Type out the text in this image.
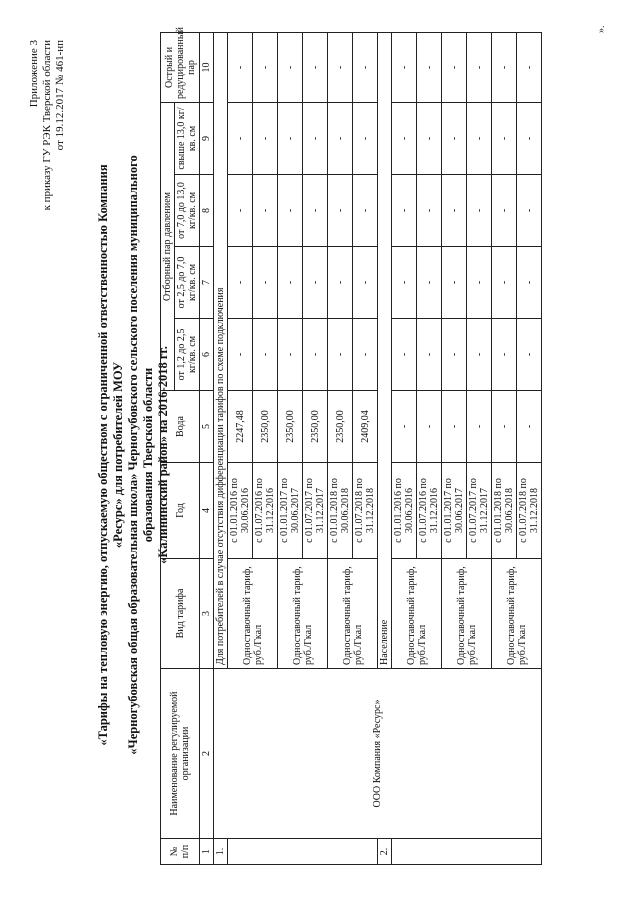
Приложение 3 к приказу ГУ РЭК Тверской области от 19.12.2017 № 461-нп
«Тарифы на тепловую энергию, отпускаемую обществом с ограниченной ответственностью Компания «Ресурс» для потребителей МОУ «Черногубовская общая образовательная школа» Черногубовского сельского поселения муниципального образования Тверской области «Калининский район» на 2016-2018 гг.
№ п/п	Наименование регулируемой организации	Вид тарифа	Год	Вода	Отборный пар давлением				Острый и редуцированный пар
					от 1,2 до 2,5 кг/кв. см	от 2,5 до 7,0 кг/кв. см	от 7,0 до 13,0 кг/кв. см	свыше 13,0 кг/кв. см	
1	2	3	4	5	6	7	8	9	10
1.	ООО Компания «Ресурс»	Для потребителей в случае отсутствия дифференциации тарифов по схеме подключения							
		Одноставочный тариф, руб./Гкал	с 01.01.2016 по 30.06.2016	2247,48	-	-	-	-	-
			с 01.07.2016 по 31.12.2016	2350,00	-	-	-	-	-
		Одноставочный тариф, руб./Гкал	с 01.01.2017 по 30.06.2017	2350,00	-	-	-	-	-
			с 01.07.2017 по 31.12.2017	2350,00	-	-	-	-	-
		Одноставочный тариф, руб./Гкал	с 01.01.2018 по 30.06.2018	2350,00	-	-	-	-	-
			с 01.07.2018 по 31.12.2018	2409,04	-	-	-	-	-
2.		Население							
		Одноставочный тариф, руб./Гкал	с 01.01.2016 по 30.06.2016	-	-	-	-	-	-
			с 01.07.2016 по 31.12.2016	-	-	-	-	-	-
		Одноставочный тариф, руб./Гкал	с 01.01.2017 по 30.06.2017	-	-	-	-	-	-
			с 01.07.2017 по 31.12.2017	-	-	-	-	-	-
		Одноставочный тариф, руб./Гкал	с 01.01.2018 по 30.06.2018	-	-	-	-	-	-
			с 01.07.2018 по 31.12.2018	-	-	-	-	-	-
».
